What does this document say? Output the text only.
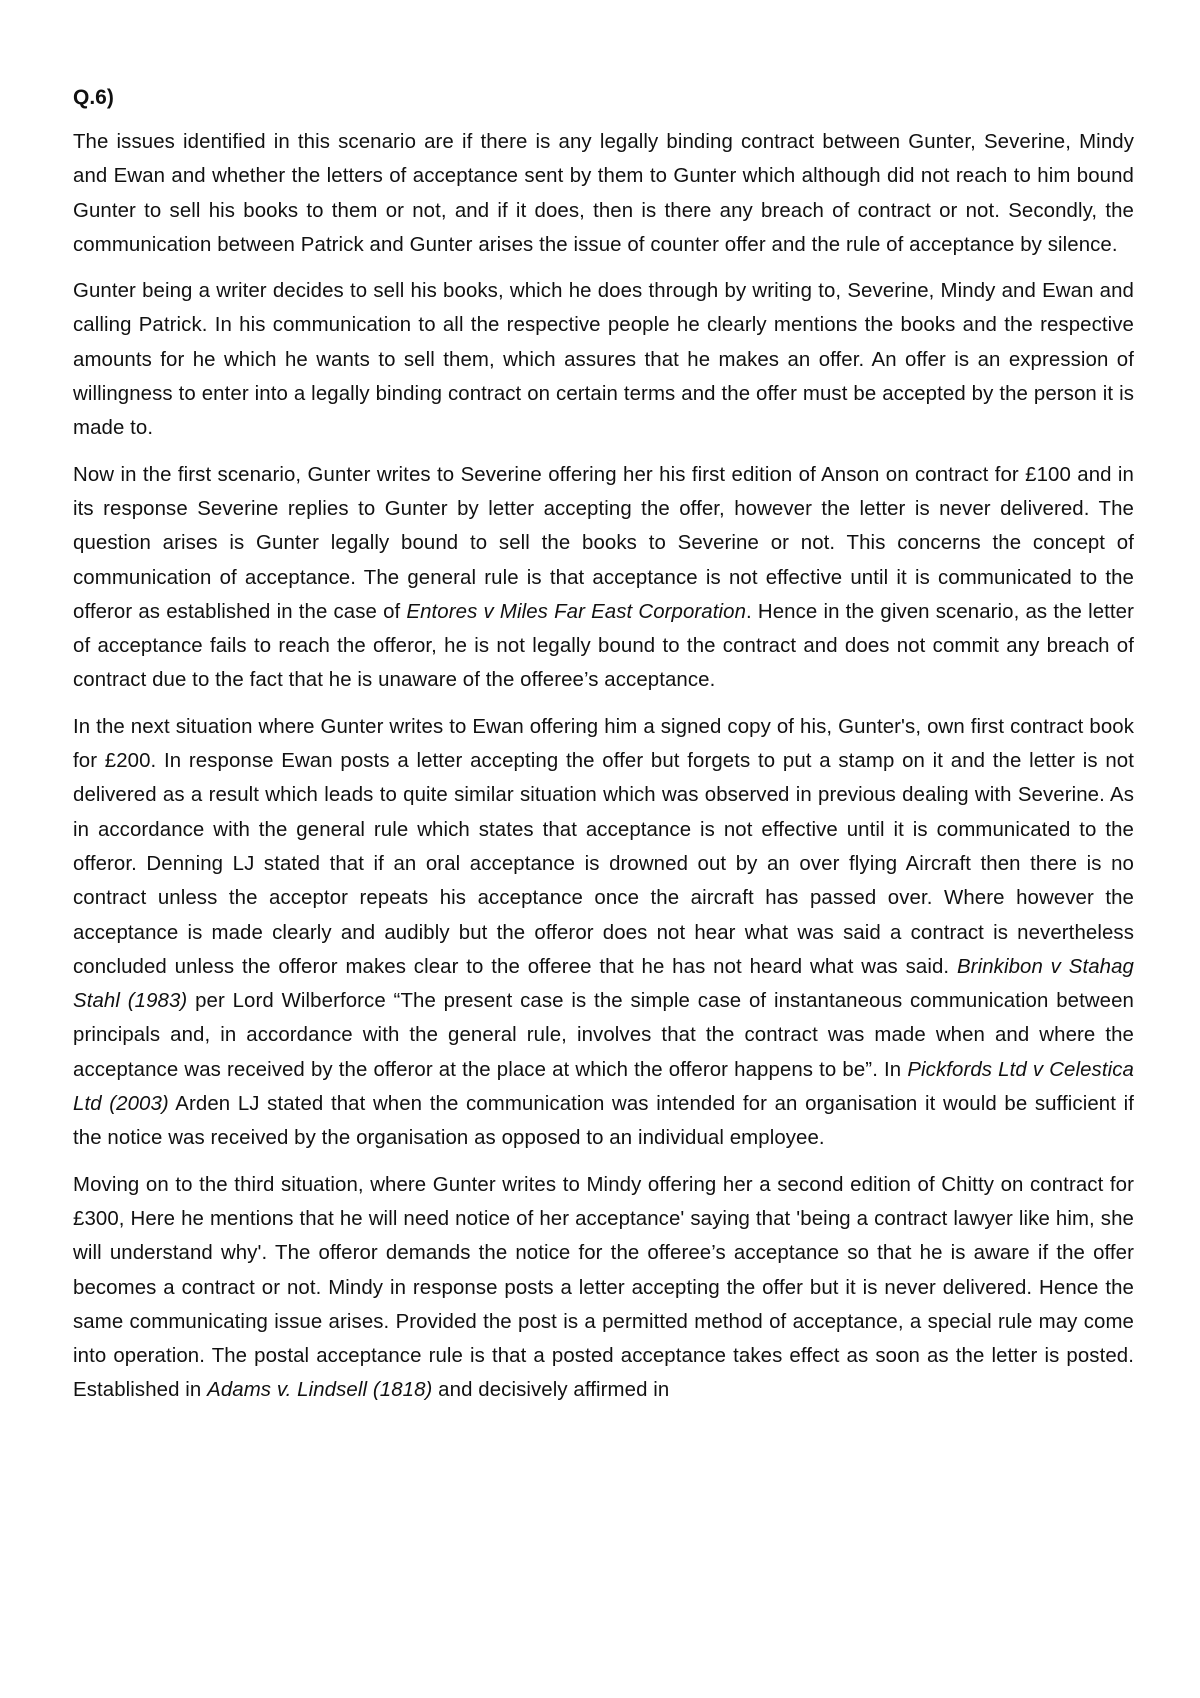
Q.6)

The issues identified in this scenario are if there is any legally binding contract between Gunter, Severine, Mindy and Ewan and whether the letters of acceptance sent by them to Gunter which although did not reach to him bound Gunter to sell his books to them or not, and if it does, then is there any breach of contract or not. Secondly, the communication between Patrick and Gunter arises the issue of counter offer and the rule of acceptance by silence.

Gunter being a writer decides to sell his books, which he does through by writing to, Severine, Mindy and Ewan and calling Patrick. In his communication to all the respective people he clearly mentions the books and the respective amounts for he which he wants to sell them, which assures that he makes an offer. An offer is an expression of willingness to enter into a legally binding contract on certain terms and the offer must be accepted by the person it is made to.

Now in the first scenario, Gunter writes to Severine offering her his first edition of Anson on contract for £100 and in its response Severine replies to Gunter by letter accepting the offer, however the letter is never delivered. The question arises is Gunter legally bound to sell the books to Severine or not. This concerns the concept of communication of acceptance. The general rule is that acceptance is not effective until it is communicated to the offeror as established in the case of Entores v Miles Far East Corporation. Hence in the given scenario, as the letter of acceptance fails to reach the offeror, he is not legally bound to the contract and does not commit any breach of contract due to the fact that he is unaware of the offeree’s acceptance.

In the next situation where Gunter writes to Ewan offering him a signed copy of his, Gunter's, own first contract book for £200. In response Ewan posts a letter accepting the offer but forgets to put a stamp on it and the letter is not delivered as a result which leads to quite similar situation which was observed in previous dealing with Severine. As in accordance with the general rule which states that acceptance is not effective until it is communicated to the offeror. Denning LJ stated that if an oral acceptance is drowned out by an over flying Aircraft then there is no contract unless the acceptor repeats his acceptance once the aircraft has passed over. Where however the acceptance is made clearly and audibly but the offeror does not hear what was said a contract is nevertheless concluded unless the offeror makes clear to the offeree that he has not heard what was said. Brinkibon v Stahag Stahl (1983) per Lord Wilberforce “The present case is the simple case of instantaneous communication between principals and, in accordance with the general rule, involves that the contract was made when and where the acceptance was received by the offeror at the place at which the offeror happens to be”. In Pickfords Ltd v Celestica Ltd (2003) Arden LJ stated that when the communication was intended for an organisation it would be sufficient if the notice was received by the organisation as opposed to an individual employee.

Moving on to the third situation, where Gunter writes to Mindy offering her a second edition of Chitty on contract for £300, Here he mentions that he will need notice of her acceptance' saying that 'being a contract lawyer like him, she will understand why'. The offeror demands the notice for the offeree’s acceptance so that he is aware if the offer becomes a contract or not. Mindy in response posts a letter accepting the offer but it is never delivered. Hence the same communicating issue arises. Provided the post is a permitted method of acceptance, a special rule may come into operation. The postal acceptance rule is that a posted acceptance takes effect as soon as the letter is posted. Established in Adams v. Lindsell (1818) and decisively affirmed in
